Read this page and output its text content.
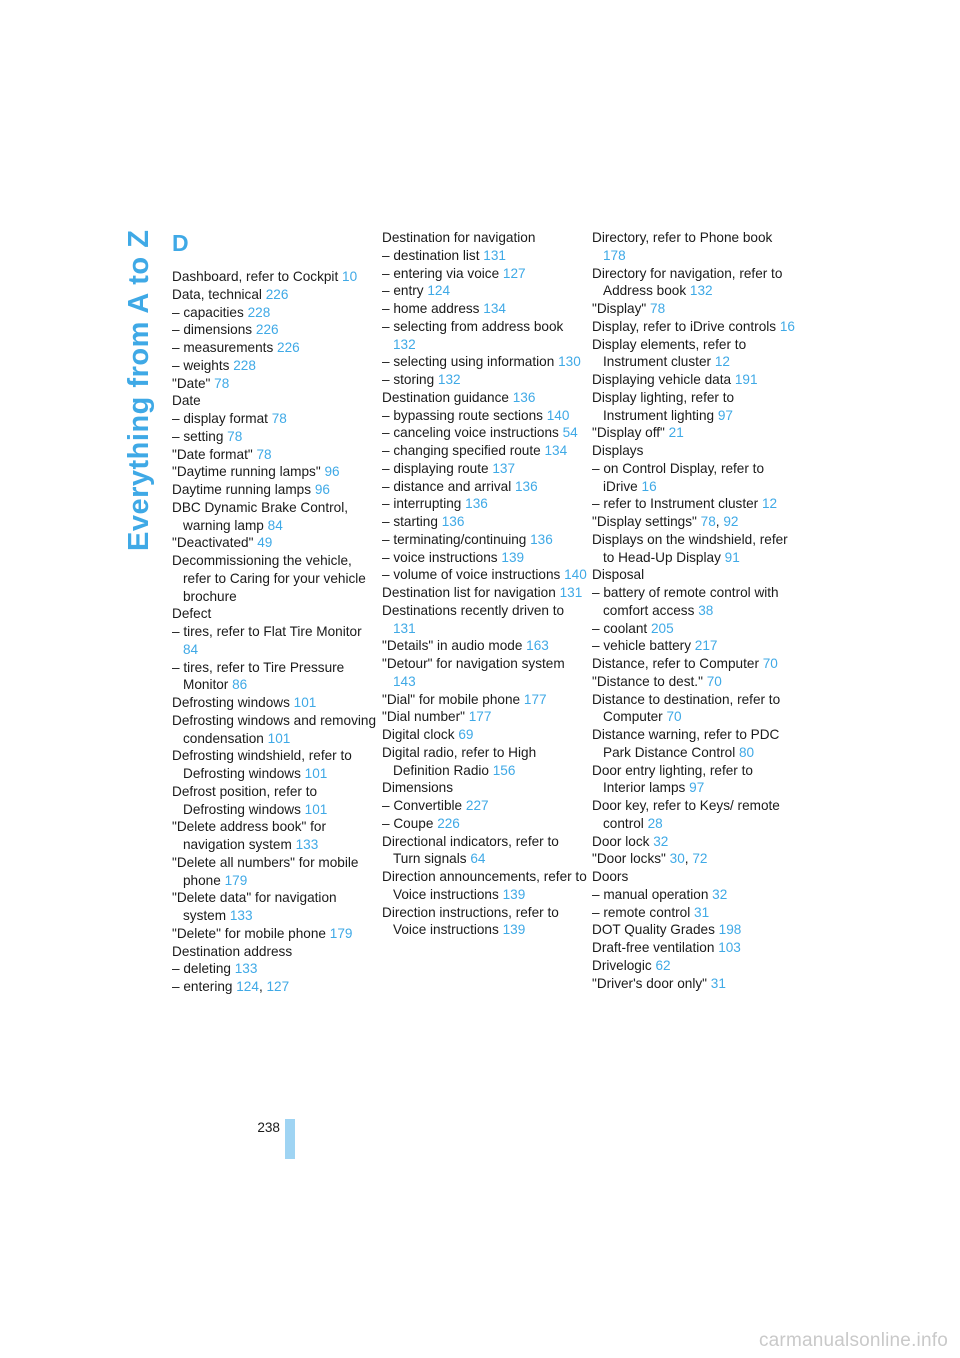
Everything from A to Z D
Dashboard, refer to Cockpit 10
Data, technical 226
– capacities 228
– dimensions 226
– measurements 226
– weights 228
"Date" 78
Date
– display format 78
– setting 78
"Date format" 78
"Daytime running lamps" 96
Daytime running lamps 96
DBC Dynamic Brake Control, warning lamp 84
"Deactivated" 49
Decommissioning the vehicle, refer to Caring for your vehicle brochure
Defect
– tires, refer to Flat Tire Monitor 84
– tires, refer to Tire Pressure Monitor 86
Defrosting windows 101
Defrosting windows and removing condensation 101
Defrosting windshield, refer to Defrosting windows 101
Defrost position, refer to Defrosting windows 101
"Delete address book" for navigation system 133
"Delete all numbers" for mobile phone 179
"Delete data" for navigation system 133
"Delete" for mobile phone 179
Destination address
– deleting 133
– entering 124, 127
Destination for navigation
– destination list 131
– entering via voice 127
– entry 124
– home address 134
– selecting from address book 132
– selecting using information 130
– storing 132
Destination guidance 136
– bypassing route sections 140
– canceling voice instructions 54
– changing specified route 134
– displaying route 137
– distance and arrival 136
– interrupting 136
– starting 136
– terminating/continuing 136
– voice instructions 139
– volume of voice instructions 140
Destination list for navigation 131
Destinations recently driven to 131
"Details" in audio mode 163
"Detour" for navigation system 143
"Dial" for mobile phone 177
"Dial number" 177
Digital clock 69
Digital radio, refer to High Definition Radio 156
Dimensions
– Convertible 227
– Coupe 226
Directional indicators, refer to Turn signals 64
Direction announcements, refer to Voice instructions 139
Direction instructions, refer to Voice instructions 139
Directory, refer to Phone book 178
Directory for navigation, refer to Address book 132
"Display" 78
Display, refer to iDrive controls 16
Display elements, refer to Instrument cluster 12
Displaying vehicle data 191
Display lighting, refer to Instrument lighting 97
"Display off" 21
Displays
– on Control Display, refer to iDrive 16
– refer to Instrument cluster 12
"Display settings" 78, 92
Displays on the windshield, refer to Head-Up Display 91
Disposal
– battery of remote control with comfort access 38
– coolant 205
– vehicle battery 217
Distance, refer to Computer 70
"Distance to dest." 70
Distance to destination, refer to Computer 70
Distance warning, refer to PDC Park Distance Control 80
Door entry lighting, refer to Interior lamps 97
Door key, refer to Keys/ remote control 28
Door lock 32
"Door locks" 30, 72
Doors
– manual operation 32
– remote control 31
DOT Quality Grades 198
Draft-free ventilation 103
Drivelogic 62
"Driver's door only" 31
238
carmanualsonline.info
